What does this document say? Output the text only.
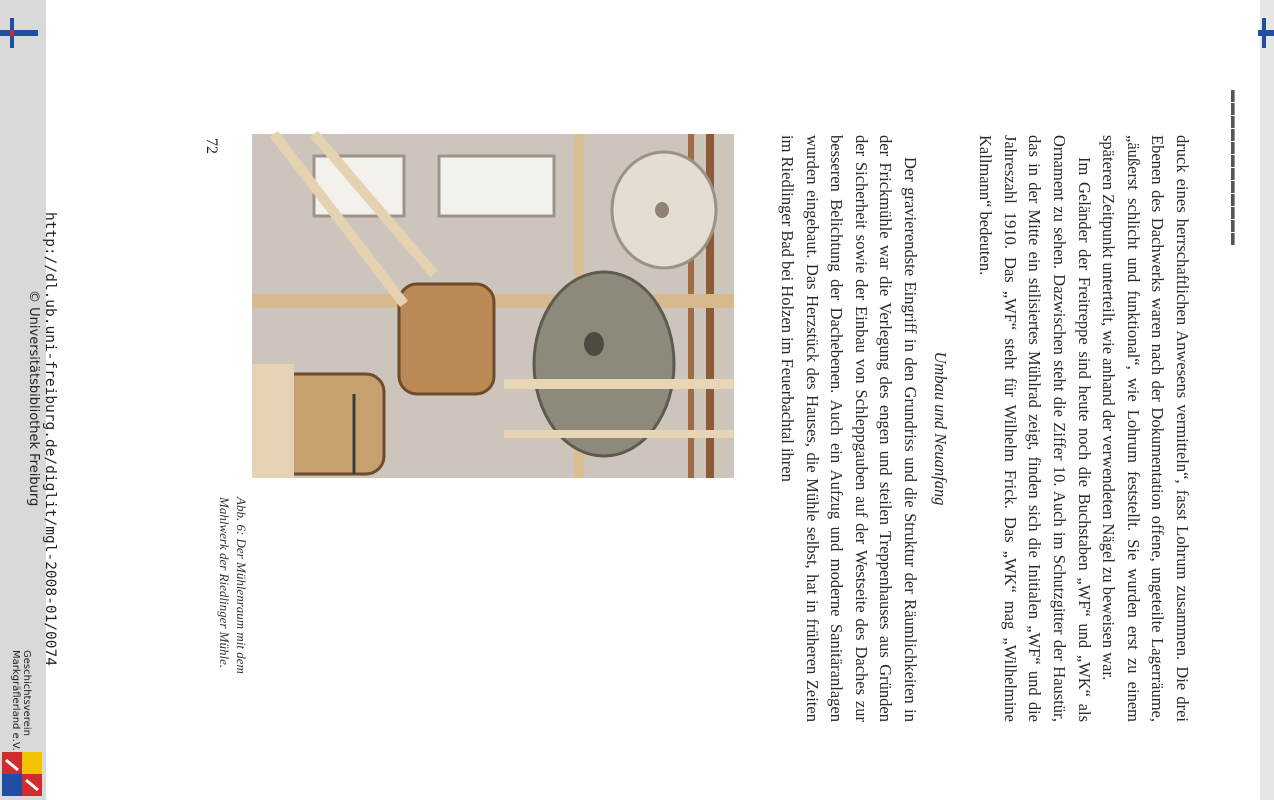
▬▬▬▬▬▬▬▬▬▬▬▬

druck eines herrschaftlichen Anwesens vermitteln“, fasst Lohrum zusammen. Die drei Ebenen des Dachwerks waren nach der Dokumentation offene, ungeteilte Lagerräume, „äußerst schlicht und funktional“, wie Lohrum feststellt. Sie wurden erst zu einem späteren Zeitpunkt unterteilt, wie anhand der verwendeten Nägel zu beweisen war.

Im Geländer der Freitreppe sind heute noch die Buchstaben „WF“ und „WK“ als Ornament zu sehen. Dazwischen steht die Ziffer 10. Auch im Schutzgitter der Haustür, das in der Mitte ein stilisiertes Mühlrad zeigt, finden sich die Initialen „WF“ und die Jahreszahl 1910. Das „WF“ steht für Wilhelm Frick. Das „WK“ mag „Wilhelmine Kallmann“ bedeuten.

Umbau und Neuanfang

Der gravierendste Eingriff in den Grundriss und die Struktur der Räumlichkeiten in der Frickmühle war die Verlegung des engen und steilen Treppenhauses aus Gründen der Sicherheit sowie der Einbau von Schleppgauben auf der Westseite des Daches zur besseren Belichtung der Dachebenen. Auch ein Aufzug und moderne Sanitäranlagen wurden eingebaut. Das Herzstück des Hauses, die Mühle selbst, hat in früheren Zeiten im Riedlinger Bad bei Holzen im Feuerbachtal ihren

Abb. 6: Der Mühlenraum mit dem Mahlwerk der Riedlinger Mühle.
72
http://dl.ub.uni-freiburg.de/diglit/mgl-2008-01/0074
© Universitätsbibliothek Freiburg
Geschichtsverein
Markgräflerland e.V.
